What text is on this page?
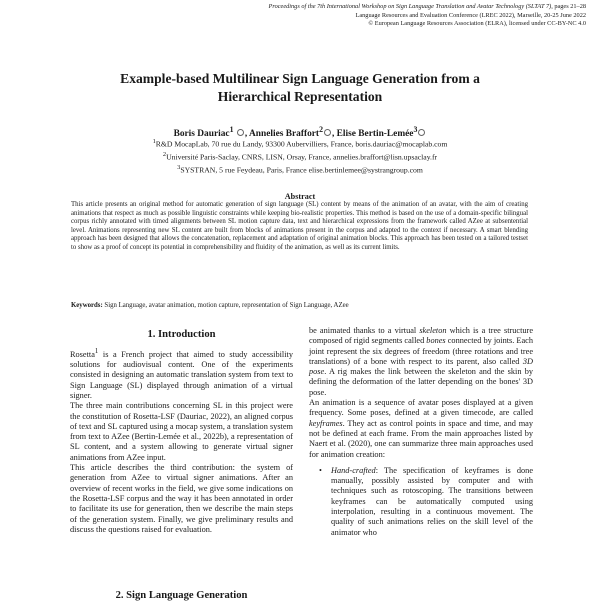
Proceedings of the 7th International Workshop on Sign Language Translation and Avatar Technology (SLTAT 7), pages 21–28
Language Resources and Evaluation Conference (LREC 2022), Marseille, 20-25 June 2022
© European Language Resources Association (ELRA), licensed under CC-BY-NC 4.0
Example-based Multilinear Sign Language Generation from a
Hierarchical Representation
Boris Dauriac$^1$ , Annelies Braffort$^2$ , Elise Bertin-Lemée$^3$
$^1$R&D MocapLab, 70 rue du Landy, 93300 Aubervilliers, France, boris.dauriac@mocaplab.com
$^2$Université Paris-Saclay, CNRS, LISN, Orsay, France, annelies.braffort@lisn.upsaclay.fr
$^3$SYSTRAN, 5 rue Feydeau, Paris, France elise.bertinlemee@systrangroup.com
Abstract

This article presents an original method for automatic generation of sign language (SL) content by means of the animation of an avatar, with the aim of creating animations that respect as much as possible linguistic constraints while keeping bio-realistic properties. This method is based on the use of a domain-specific bilingual corpus richly annotated with timed alignments between SL motion capture data, text and hierarchical expressions from the framework called AZee at subsentential level. Animations representing new SL content are built from blocks of animations present in the corpus and adapted to the context if necessary. A smart blending approach has been designed that allows the concatenation, replacement and adaptation of original animation blocks. This approach has been tested on a tailored testset to show as a proof of concept its potential in comprehensibility and fluidity of the animation, as well as its current limits.

Keywords: Sign Language, avatar animation, motion capture, representation of Sign Language, AZee
1. Introduction

Rosetta$^1$ is a French project that aimed to study accessibility solutions for audiovisual content. One of the experiments consisted in designing an automatic translation system from text to Sign Language (SL) displayed through animation of a virtual signer.

The three main contributions concerning SL in this project were the constitution of Rosetta-LSF (Dauriac, 2022), an aligned corpus of text and SL captured using a mocap system, a translation system from text to AZee (Bertin-Lemée et al., 2022b), a representation of SL content, and a system allowing to generate virtual signer animations from AZee input.

This article describes the third contribution: the system of generation from AZee to virtual signer animations. After an overview of recent works in the field, we give some indications on the Rosetta-LSF corpus and the way it has been annotated in order to facilitate its use for generation, then we describe the main steps of the generation system. Finally, we give preliminary results and discuss the questions raised for evaluation.

2. Sign Language Generation

be animated thanks to a virtual skeleton which is a tree structure composed of rigid segments called bones connected by joints. Each joint represent the six degrees of freedom (three rotations and tree translations) of a bone with respect to its parent, also called 3D pose. A rig makes the link between the skeleton and the skin by defining the deformation of the latter depending on the bones' 3D pose.

An animation is a sequence of avatar poses displayed at a given frequency. Some poses, defined at a given timecode, are called keyframes. They act as control points in space and time, and may not be defined at each frame. From the main approaches listed by Naert et al. (2020), one can summarize three main approaches used for animation creation:

• Hand-crafted: The specification of keyframes is done manually, possibly assisted by computer and with techniques such as rotoscoping. The transitions between keyframes can be automatically computed using interpolation, resulting in a continuous movement. The quality of such animations relies on the skill level of the animator who
